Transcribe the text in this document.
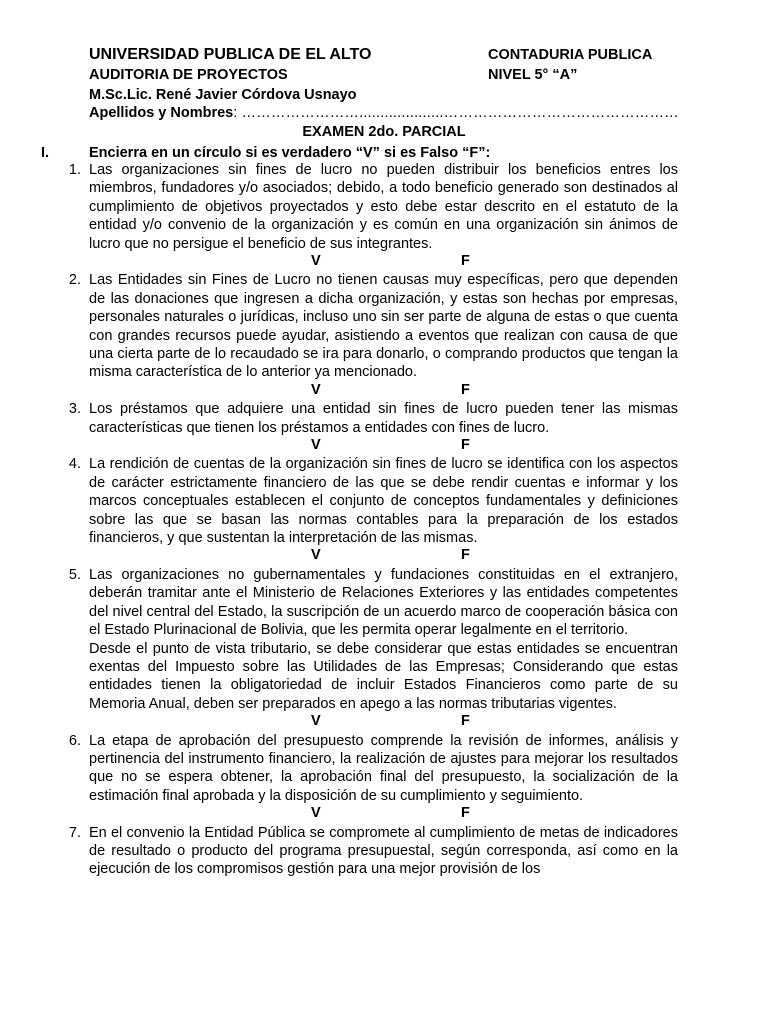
UNIVERSIDAD PUBLICA DE EL ALTO	CONTADURIA PUBLICA
AUDITORIA DE PROYECTOS	NIVEL 5° “A”
M.Sc.Lic. René Javier Córdova Usnayo
Apellidos y Nombres: ……………………....................…………………………………………
EXAMEN 2do. PARCIAL
I.	Encierra en un círculo si es verdadero “V” si es Falso “F”:
1. Las organizaciones sin fines de lucro no pueden distribuir los beneficios entres los miembros, fundadores y/o asociados; debido, a todo beneficio generado son destinados al cumplimiento de objetivos proyectados y esto debe estar descrito en el estatuto de la entidad y/o convenio de la organización y es común en una organización sin ánimos de lucro que no persigue el beneficio de sus integrantes.
V	F
2. Las Entidades sin Fines de Lucro no tienen causas muy específicas, pero que dependen de las donaciones que ingresen a dicha organización, y estas son hechas por empresas, personales naturales o jurídicas, incluso uno sin ser parte de alguna de estas o que cuenta con grandes recursos puede ayudar, asistiendo a eventos que realizan con causa de que una cierta parte de lo recaudado se ira para donarlo, o comprando productos que tengan la misma característica de lo anterior ya mencionado.
V	F
3. Los préstamos que adquiere una entidad sin fines de lucro pueden tener las mismas características que tienen los préstamos a entidades con fines de lucro.
V	F
4. La rendición de cuentas de la organización sin fines de lucro se identifica con los aspectos de carácter estrictamente financiero de las que se debe rendir cuentas e informar y los marcos conceptuales establecen el conjunto de conceptos fundamentales y definiciones sobre las que se basan las normas contables para la preparación de los estados financieros, y que sustentan la interpretación de las mismas.
V	F
5. Las organizaciones no gubernamentales y fundaciones constituidas en el extranjero, deberán tramitar ante el Ministerio de Relaciones Exteriores y las entidades competentes del nivel central del Estado, la suscripción de un acuerdo marco de cooperación básica con el Estado Plurinacional de Bolivia, que les permita operar legalmente en el territorio.
Desde el punto de vista tributario, se debe considerar que estas entidades se encuentran exentas del Impuesto sobre las Utilidades de las Empresas; Considerando que estas entidades tienen la obligatoriedad de incluir Estados Financieros como parte de su Memoria Anual, deben ser preparados en apego a las normas tributarias vigentes.
V	F
6. La etapa de aprobación del presupuesto comprende la revisión de informes, análisis y pertinencia del instrumento financiero, la realización de ajustes para mejorar los resultados que no se espera obtener, la aprobación final del presupuesto, la socialización de la estimación final aprobada y la disposición de su cumplimiento y seguimiento.
V	F
7. En el convenio la Entidad Pública se compromete al cumplimiento de metas de indicadores de resultado o producto del programa presupuestal, según corresponda, así como en la ejecución de los compromisos gestión para una mejor provisión de los
